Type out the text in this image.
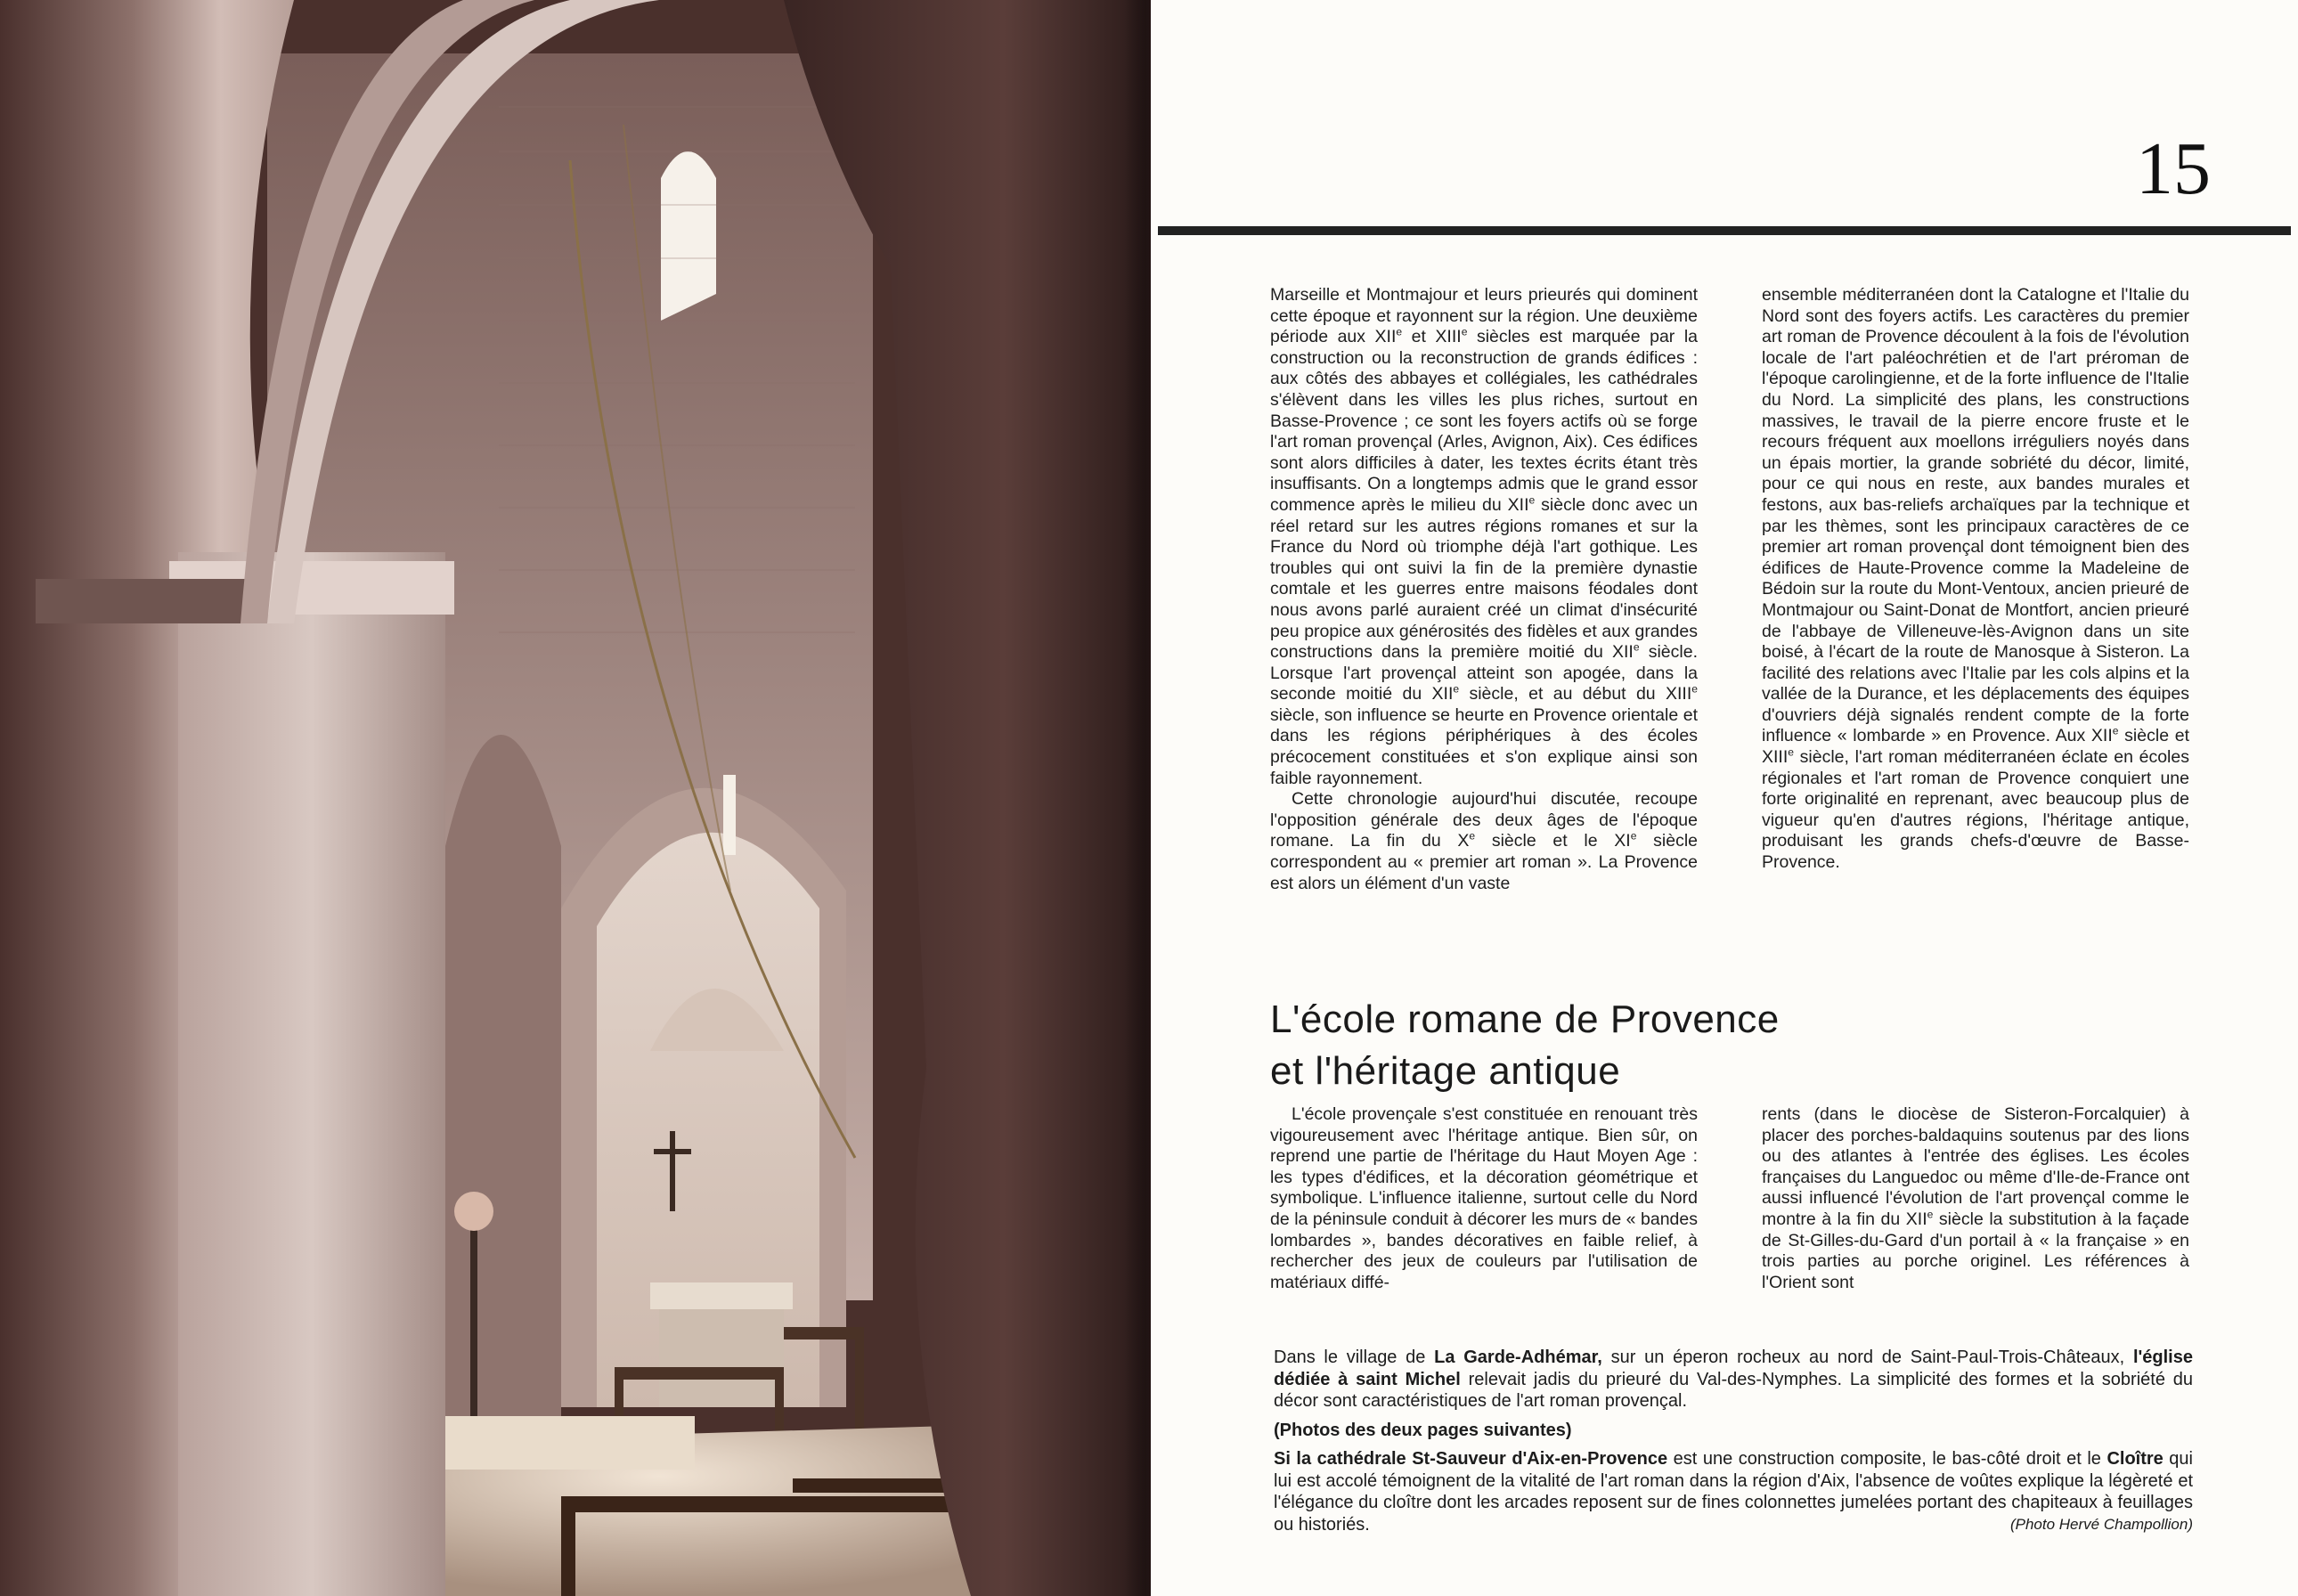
15

Marseille et Montmajour et leurs prieurés qui dominent cette époque et rayonnent sur la région. Une deuxième période aux XIIe et XIIIe siècles est marquée par la construction ou la reconstruction de grands édifices : aux côtés des abbayes et collégiales, les cathédrales s'élèvent dans les villes les plus riches, surtout en Basse-Provence ; ce sont les foyers actifs où se forge l'art roman provençal (Arles, Avignon, Aix). Ces édifices sont alors difficiles à dater, les textes écrits étant très insuffisants. On a longtemps admis que le grand essor commence après le milieu du XIIe siècle donc avec un réel retard sur les autres régions romanes et sur la France du Nord où triomphe déjà l'art gothique. Les troubles qui ont suivi la fin de la première dynastie comtale et les guerres entre maisons féodales dont nous avons parlé auraient créé un climat d'insécurité peu propice aux générosités des fidèles et aux grandes constructions dans la première moitié du XIIe siècle. Lorsque l'art provençal atteint son apogée, dans la seconde moitié du XIIe siècle, et au début du XIIIe siècle, son influence se heurte en Provence orientale et dans les régions périphériques à des écoles précocement constituées et s'on explique ainsi son faible rayonnement.

Cette chronologie aujourd'hui discutée, recoupe l'opposition générale des deux âges de l'époque romane. La fin du Xe siècle et le XIe siècle correspondent au « premier art roman ». La Provence est alors un élément d'un vaste

ensemble méditerranéen dont la Catalogne et l'Italie du Nord sont des foyers actifs. Les caractères du premier art roman de Provence découlent à la fois de l'évolution locale de l'art paléochrétien et de l'art préroman de l'époque carolingienne, et de la forte influence de l'Italie du Nord. La simplicité des plans, les constructions massives, le travail de la pierre encore fruste et le recours fréquent aux moellons irréguliers noyés dans un épais mortier, la grande sobriété du décor, limité, pour ce qui nous en reste, aux bandes murales et festons, aux bas-reliefs archaïques par la technique et par les thèmes, sont les principaux caractères de ce premier art roman provençal dont témoignent bien des édifices de Haute-Provence comme la Madeleine de Bédoin sur la route du Mont-Ventoux, ancien prieuré de Montmajour ou Saint-Donat de Montfort, ancien prieuré de l'abbaye de Villeneuve-lès-Avignon dans un site boisé, à l'écart de la route de Manosque à Sisteron. La facilité des relations avec l'Italie par les cols alpins et la vallée de la Durance, et les déplacements des équipes d'ouvriers déjà signalés rendent compte de la forte influence « lombarde » en Provence. Aux XIIe siècle et XIIIe siècle, l'art roman méditerranéen éclate en écoles régionales et l'art roman de Provence conquiert une forte originalité en reprenant, avec beaucoup plus de vigueur qu'en d'autres régions, l'héritage antique, produisant les grands chefs-d'œuvre de Basse-Provence.

L'école romane de Provence
et l'héritage antique

L'école provençale s'est constituée en renouant très vigoureusement avec l'héritage antique. Bien sûr, on reprend une partie de l'héritage du Haut Moyen Age : les types d'édifices, et la décoration géométrique et symbolique. L'influence italienne, surtout celle du Nord de la péninsule conduit à décorer les murs de « bandes lombardes », bandes décoratives en faible relief, à rechercher des jeux de couleurs par l'utilisation de matériaux diffé-

rents (dans le diocèse de Sisteron-Forcalquier) à placer des porches-baldaquins soutenus par des lions ou des atlantes à l'entrée des églises. Les écoles françaises du Languedoc ou même d'Ile-de-France ont aussi influencé l'évolution de l'art provençal comme le montre à la fin du XIIe siècle la substitution à la façade de St-Gilles-du-Gard d'un portail à « la française » en trois parties au porche originel. Les références à l'Orient sont

Dans le village de La Garde-Adhémar, sur un éperon rocheux au nord de Saint-Paul-Trois-Châteaux, l'église dédiée à saint Michel relevait jadis du prieuré du Val-des-Nymphes. La simplicité des formes et la sobriété du décor sont caractéristiques de l'art roman provençal.

(Photos des deux pages suivantes)

Si la cathédrale St-Sauveur d'Aix-en-Provence est une construction composite, le bas-côté droit et le Cloître qui lui est accolé témoignent de la vitalité de l'art roman dans la région d'Aix, l'absence de voûtes explique la légèreté et l'élégance du cloître dont les arcades reposent sur de fines colonnettes jumelées portant des chapiteaux à feuillages ou historiés.	(Photo Hervé Champollion)
